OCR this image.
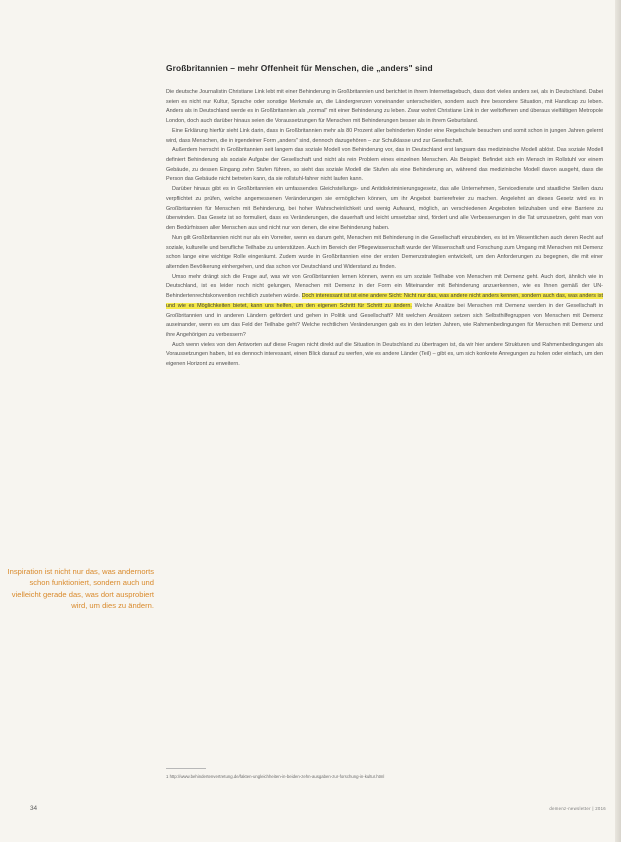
Großbritannien – mehr Offenheit für Menschen, die „anders" sind

Die deutsche Journalistin Christiane Link lebt mit einer Behinderung in Großbritannien und berichtet in ihrem Internettagebuch, dass dort vieles anders sei, als in Deutschland. Dabei seien es nicht nur Kultur, Sprache oder sonstige Merkmale an, die Ländergrenzen voneinander unterscheiden, sondern auch ihre besondere Situation, mit Handicap zu leben. Anders als in Deutschland werde es in Großbritannien als „normal" mit einer Behinderung zu leben. Zwar wohnt Christiane Link in der weltoffenen und überaus vielfältigen Metropole London, doch auch darüber hinaus seien die Voraussetzungen für Menschen mit Behinderungen besser als in ihrem Geburtsland.

Eine Erklärung hierfür sieht Link darin, dass in Großbritannien mehr als 80 Prozent aller behinderten Kinder eine Regelschule besuchen und somit schon in jungen Jahren gelernt wird, dass Menschen, die in irgendeiner Form „anders" sind, dennoch dazugehören – zur Schulklasse und zur Gesellschaft.

Außerdem herrscht in Großbritannien seit langem das soziale Modell von Behinderung vor, das in Deutschland erst langsam das medizinische Modell ablöst. Das soziale Modell definiert Behinderung als soziale Aufgabe der Gesellschaft und nicht als rein Problem eines einzelnen Menschen. Als Beispiel: Befindet sich ein Mensch im Rollstuhl vor einem Gebäude, zu dessen Eingang zehn Stufen führen, so sieht das soziale Modell die Stufen als eine Behinderung an, während das medizinische Modell davon ausgeht, dass die Person das Gebäude nicht betreten kann, da sie rollstuhl-fahrer nicht laufen kann.

Darüber hinaus gibt es in Großbritannien ein umfassendes Gleichstellungs- und Antidiskriminierungsgesetz, das alle Unternehmen, Servicedienste und staatliche Stellen dazu verpflichtet zu prüfen, welche angemessenen Veränderungen sie ermöglichen können, um ihr Angebot barrierefreier zu machen. Angelehnt an dieses Gesetz wird es in Großbritannien für Menschen mit Behinderung, bei hoher Wahrscheinlichkeit und wenig Aufwand, möglich, an verschiedenen Angeboten teilzuhaben und eine Barriere zu überwinden. Das Gesetz ist so formuliert, dass es Veränderungen, die dauerhaft und leicht umsetzbar sind, fördert und alle Verbesserungen in die Tat umzusetzen, geht man von den Bedürfnissen aller Menschen aus und nicht nur von denen, die eine Behinderung haben.

Nun gilt Großbritannien nicht nur als ein Vorreiter, wenn es darum geht, Menschen mit Behinderung in die Gesellschaft einzubinden, es ist im Wesentlichen auch deren Recht auf soziale, kulturelle und berufliche Teilhabe zu unterstützen. Auch im Bereich der Pflegewissenschaft wurde der Wissenschaft und Forschung zum Umgang mit Menschen mit Demenz schon lange eine wichtige Rolle eingeräumt. Zudem wurde in Großbritannien eine der ersten Demenzstrategien entwickelt, um den Anforderungen zu begegnen, die mit einer alternden Bevölkerung einhergehen, und das schon vor Deutschland und Widerstand zu finden.

Umso mehr drängt sich die Frage auf, was wir von Großbritannien lernen können, wenn es um soziale Teilhabe von Menschen mit Demenz geht. Auch dort, ähnlich wie in Deutschland, ist es leider noch nicht gelungen, Menschen mit Demenz in der Form ein Miteinander mit Behinderung anzuerkennen, wie es Ihnen gemäß der UN-Behindertenrechtskonvention rechtlich zustehen würde. Doch interessant ist ist eine andere Sicht: Nicht nur das, was andere nicht anders kennen, sondern auch das, was anders ist und wie es Möglichkeiten bietet, kann uns helfen, um den eigenen Schritt für Schritt zu ändern. Welche Ansätze bei Menschen mit Demenz werden in der Gesellschaft in Großbritannien und in anderen Ländern gefördert und gehen in Politik und Gesellschaft? Mit welchen Ansätzen setzen sich Selbsthilfegruppen von Menschen mit Demenz auseinander, wenn es um das Feld der Teilhabe geht? Welche rechtlichen Veränderungen gab es in den letzten Jahren, wie Rahmenbedingungen für Menschen mit Demenz und ihre Angehörigen zu verbessern?

Auch wenn vieles von den Antworten auf diese Fragen nicht direkt auf die Situation in Deutschland zu übertragen ist, da wir hier andere Strukturen und Rahmenbedingungen als Voraussetzungen haben, ist es dennoch interessant, einen Blick darauf zu werfen, wie es andere Länder (Teil) – gibt es, um sich konkrete Anregungen zu holen oder einfach, um den eigenen Horizont zu erweitern.

Inspiration ist nicht nur das, was andernorts schon funktioniert, sondern auch und vielleicht gerade das, was dort ausprobiert wird, um dies zu ändern.
1 http://www.behindertenvertretung.de/fakten-ungleichheiten-in-beiden-zehn-ausgaben-zur-forschung-in-kultur.html
34	demenz-newsletter | 2016
